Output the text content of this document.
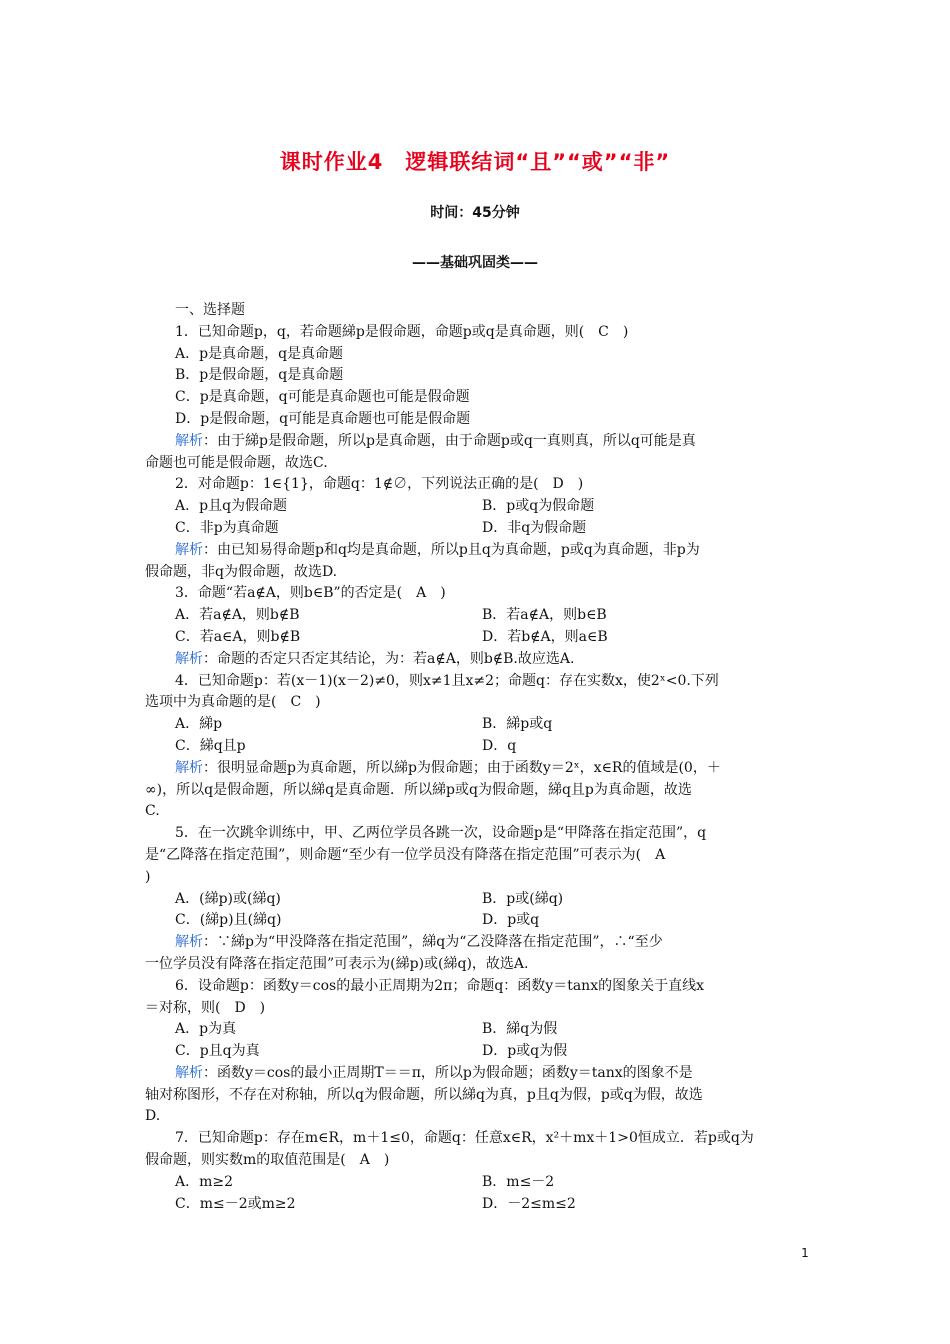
课时作业4　逻辑联结词“且”“或”“非”
时间：45分钟
——基础巩固类——
一、选择题
1．已知命题p，q，若命题綈p是假命题，命题p或q是真命题，则(　C　)
A．p是真命题，q是真命题
B．p是假命题，q是真命题
C．p是真命题，q可能是真命题也可能是假命题
D．p是假命题，q可能是真命题也可能是假命题
解析：由于綈p是假命题，所以p是真命题，由于命题p或q一真则真，所以q可能是真
命题也可能是假命题，故选C.
2．对命题p：1∈{1}，命题q：1∉∅，下列说法正确的是(　D　)
A．p且q为假命题	B．p或q为假命题
C．非p为真命题	D．非q为假命题
解析：由已知易得命题p和q均是真命题，所以p且q为真命题，p或q为真命题，非p为
假命题，非q为假命题，故选D.
3．命题“若a∉A，则b∈B”的否定是(　A　)
A．若a∉A，则b∉B	B．若a∉A，则b∈B
C．若a∈A，则b∉B	D．若b∉A，则a∈B
解析：命题的否定只否定其结论，为：若a∉A，则b∉B.故应选A.
4．已知命题p：若(x－1)(x－2)≠0，则x≠1且x≠2；命题q：存在实数x，使2ˣ<0.下列
选项中为真命题的是(　C　)
A．綈p	B．綈p或q
C．綈q且p	D．q
解析：很明显命题p为真命题，所以綈p为假命题；由于函数y＝2ˣ，x∈R的值域是(0，＋
∞)，所以q是假命题，所以綈q是真命题．所以綈p或q为假命题，綈q且p为真命题，故选
C.
5．在一次跳伞训练中，甲、乙两位学员各跳一次，设命题p是“甲降落在指定范围”，q
是“乙降落在指定范围”，则命题“至少有一位学员没有降落在指定范围”可表示为(　A
)
A．(綈p)或(綈q)	B．p或(綈q)
C．(綈p)且(綈q)	D．p或q
解析：∵綈p为“甲没降落在指定范围”，綈q为“乙没降落在指定范围”，∴“至少
一位学员没有降落在指定范围”可表示为(綈p)或(綈q)，故选A.
6．设命题p：函数y＝cos的最小正周期为2π；命题q：函数y＝tanx的图象关于直线x
＝对称，则(　D　)
A．p为真	B．綈q为假
C．p且q为真	D．p或q为假
解析：函数y＝cos的最小正周期T＝＝π，所以p为假命题；函数y＝tanx的图象不是
轴对称图形，不存在对称轴，所以q为假命题，所以綈q为真，p且q为假，p或q为假，故选
D.
7．已知命题p：存在m∈R，m＋1≤0，命题q：任意x∈R，x²＋mx＋1>0恒成立．若p或q为
假命题，则实数m的取值范围是(　A　)
A．m≥2	B．m≤－2
C．m≤－2或m≥2	D．－2≤m≤2
1
